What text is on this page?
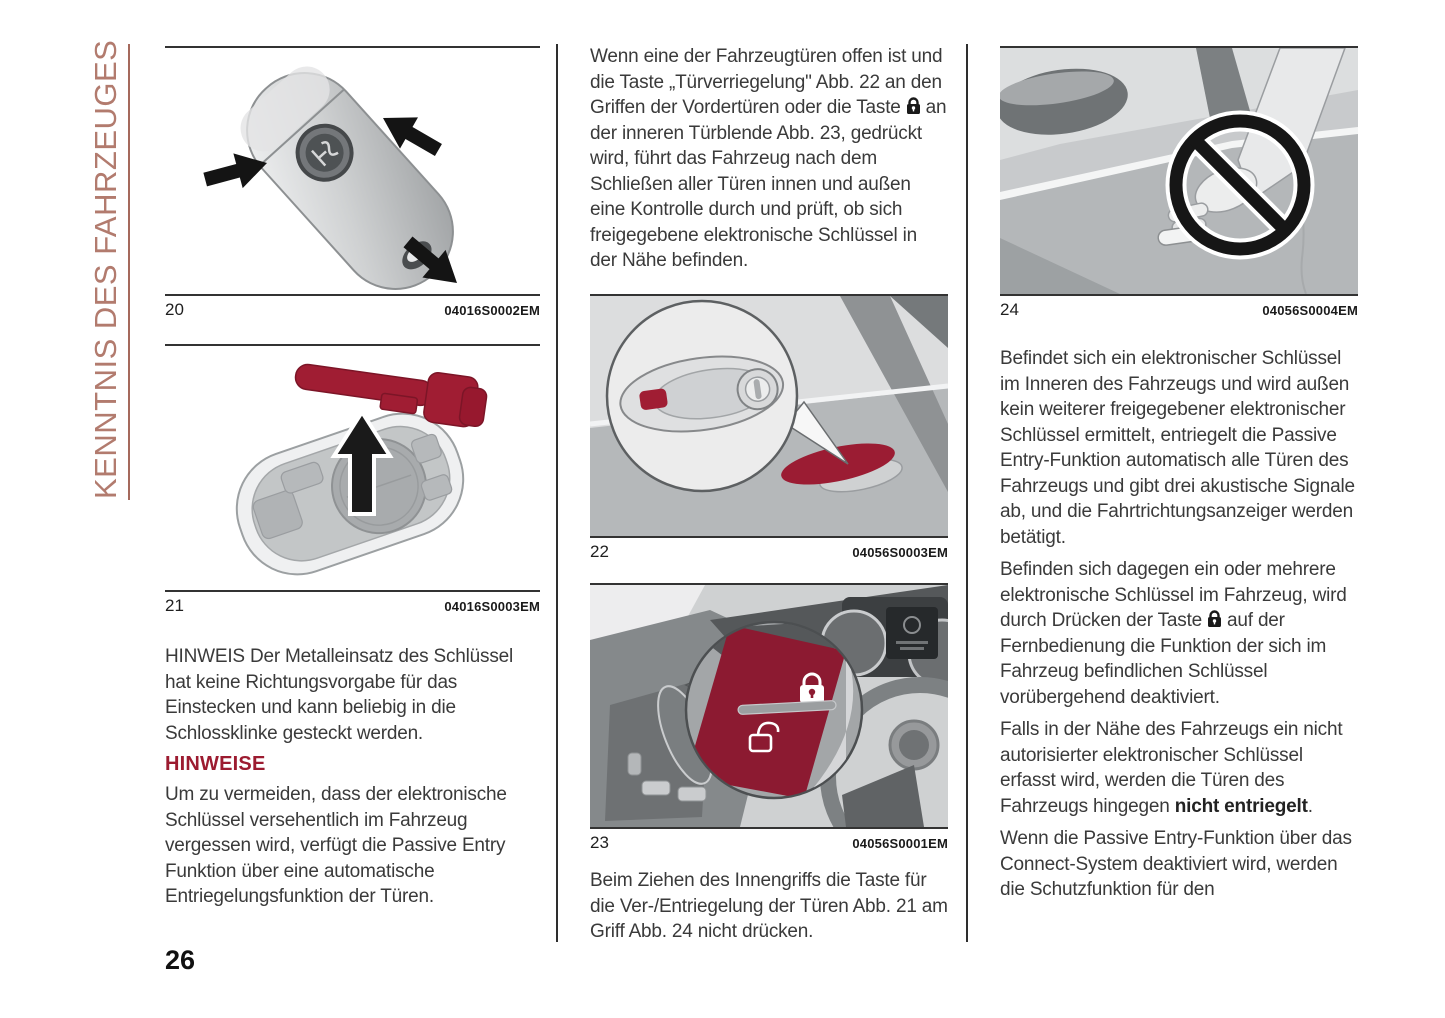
KENNTNIS DES FAHRZEUGES 20	04016S0002EM
21	04016S0003EM

HINWEIS Der Metalleinsatz des Schlüssel hat keine Richtungsvorgabe für das Einstecken und kann beliebig in die Schlossklinke gesteckt werden.

HINWEISE

Um zu vermeiden, dass der elektronische Schlüssel versehentlich im Fahrzeug vergessen wird, verfügt die Passive Entry Funktion über eine automatische Entriegelungsfunktion der Türen.

26

Wenn eine der Fahrzeugtüren offen ist und die Taste „Türverriegelung" Abb. 22 an den Griffen der Vordertüren oder die Taste an der inneren Türblende Abb. 23, gedrückt wird, führt das Fahrzeug nach dem Schließen aller Türen innen und außen eine Kontrolle durch und prüft, ob sich freigegebene elektronische Schlüssel in der Nähe befinden.

22	04056S0003EM
23	04056S0001EM

Beim Ziehen des Innengriffs die Taste für die Ver-/Entriegelung der Türen Abb. 21 am Griff Abb. 24 nicht drücken.

24	04056S0004EM

Befindet sich ein elektronischer Schlüssel im Inneren des Fahrzeugs und wird außen kein weiterer freigegebener elektronischer Schlüssel ermittelt, entriegelt die Passive Entry-Funktion automatisch alle Türen des Fahrzeugs und gibt drei akustische Signale ab, und die Fahrtrichtungsanzeiger werden betätigt.

Befinden sich dagegen ein oder mehrere elektronische Schlüssel im Fahrzeug, wird durch Drücken der Taste auf der Fernbedienung die Funktion der sich im Fahrzeug befindlichen Schlüssel vorübergehend deaktiviert.

Falls in der Nähe des Fahrzeugs ein nicht autorisierter elektronischer Schlüssel erfasst wird, werden die Türen des Fahrzeugs hingegen nicht entriegelt.

Wenn die Passive Entry-Funktion über das Connect-System deaktiviert wird, werden die Schutzfunktion für den
